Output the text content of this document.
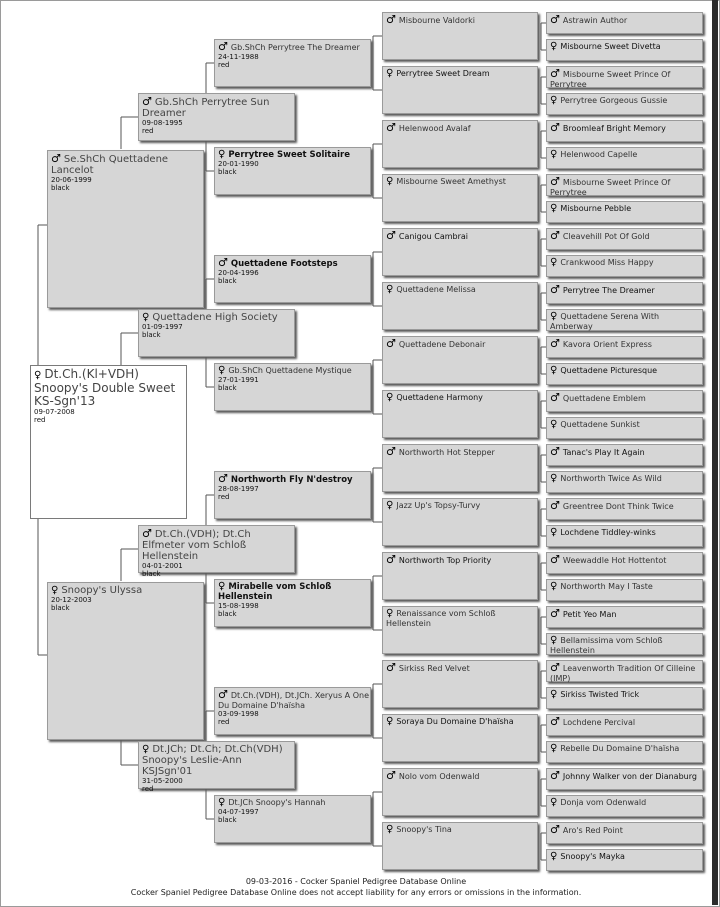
♀ Dt.Ch.(Kl+VDH) Snoopy's Double Sweet KS-Sgn'13
09-07-2008
red
♂ Se.ShCh Quettadene Lancelot
20-06-1999
black
♀ Snoopy's Ulyssa
20-12-2003
black
♂ Gb.ShCh Perrytree Sun Dreamer
09-08-1995
red
♀ Quettadene High Society
01-09-1997
black
♂ Dt.Ch.(VDH); Dt.Ch Elfmeter vom Schloß Hellenstein
04-01-2001
black
♀ Dt.JCh; Dt.Ch; Dt.Ch(VDH) Snoopy's Leslie-Ann KSJSgn'01
31-05-2000
red
♂ Gb.ShCh Perrytree The Dreamer
24-11-1988
red
♀ Perrytree Sweet Solitaire
20-01-1990
black
♂ Quettadene Footsteps
20-04-1996
black
♀ Gb.ShCh Quettadene Mystique
27-01-1991
black
♂ Northworth Fly N'destroy
28-08-1997
red
♀ Mirabelle vom Schloß Hellenstein
15-08-1998
black
♂ Dt.Ch.(VDH), Dt.JCh. Xeryus A One Du Domaine D'haïsha
03-09-1998
red
♀ Dt.JCh Snoopy's Hannah
04-07-1997
black
♂ Misbourne Valdorki
♀ Perrytree Sweet Dream
♂ Helenwood Avalaf
♀ Misbourne Sweet Amethyst
♂ Canigou Cambrai
♀ Quettadene Melissa
♂ Quettadene Debonair
♀ Quettadene Harmony
♂ Northworth Hot Stepper
♀ Jazz Up's Topsy-Turvy
♂ Northworth Top Priority
♀ Renaissance vom Schloß Hellenstein
♂ Sirkiss Red Velvet
♀ Soraya Du Domaine D'haïsha
♂ Nolo vom Odenwald
♀ Snoopy's Tina
♂ Astrawin Author
♀ Misbourne Sweet Divetta
♂ Misbourne Sweet Prince Of Perrytree
♀ Perrytree Gorgeous Gussie
♂ Broomleaf Bright Memory
♀ Helenwood Capelle
♂ Misbourne Sweet Prince Of Perrytree
♀ Misbourne Pebble
♂ Cleavehill Pot Of Gold
♀ Crankwood Miss Happy
♂ Perrytree The Dreamer
♀ Quettadene Serena With Amberway
♂ Kavora Orient Express
♀ Quettadene Picturesque
♂ Quettadene Emblem
♀ Quettadene Sunkist
♂ Tanac's Play It Again
♀ Northworth Twice As Wild
♂ Greentree Dont Think Twice
♀ Lochdene Tiddley-winks
♂ Weewaddle Hot Hottentot
♀ Northworth May I Taste
♂ Petit Yeo Man
♀ Bellamissima vom Schloß Hellenstein
♂ Leavenworth Tradition Of Cilleine (IMP)
♀ Sirkiss Twisted Trick
♂ Lochdene Percival
♀ Rebelle Du Domaine D'haïsha
♂ Johnny Walker von der Dianaburg
♀ Donja vom Odenwald
♂ Aro's Red Point
♀ Snoopy's Mayka
09-03-2016 - Cocker Spaniel Pedigree Database Online
Cocker Spaniel Pedigree Database Online does not accept liability for any errors or omissions in the information.
